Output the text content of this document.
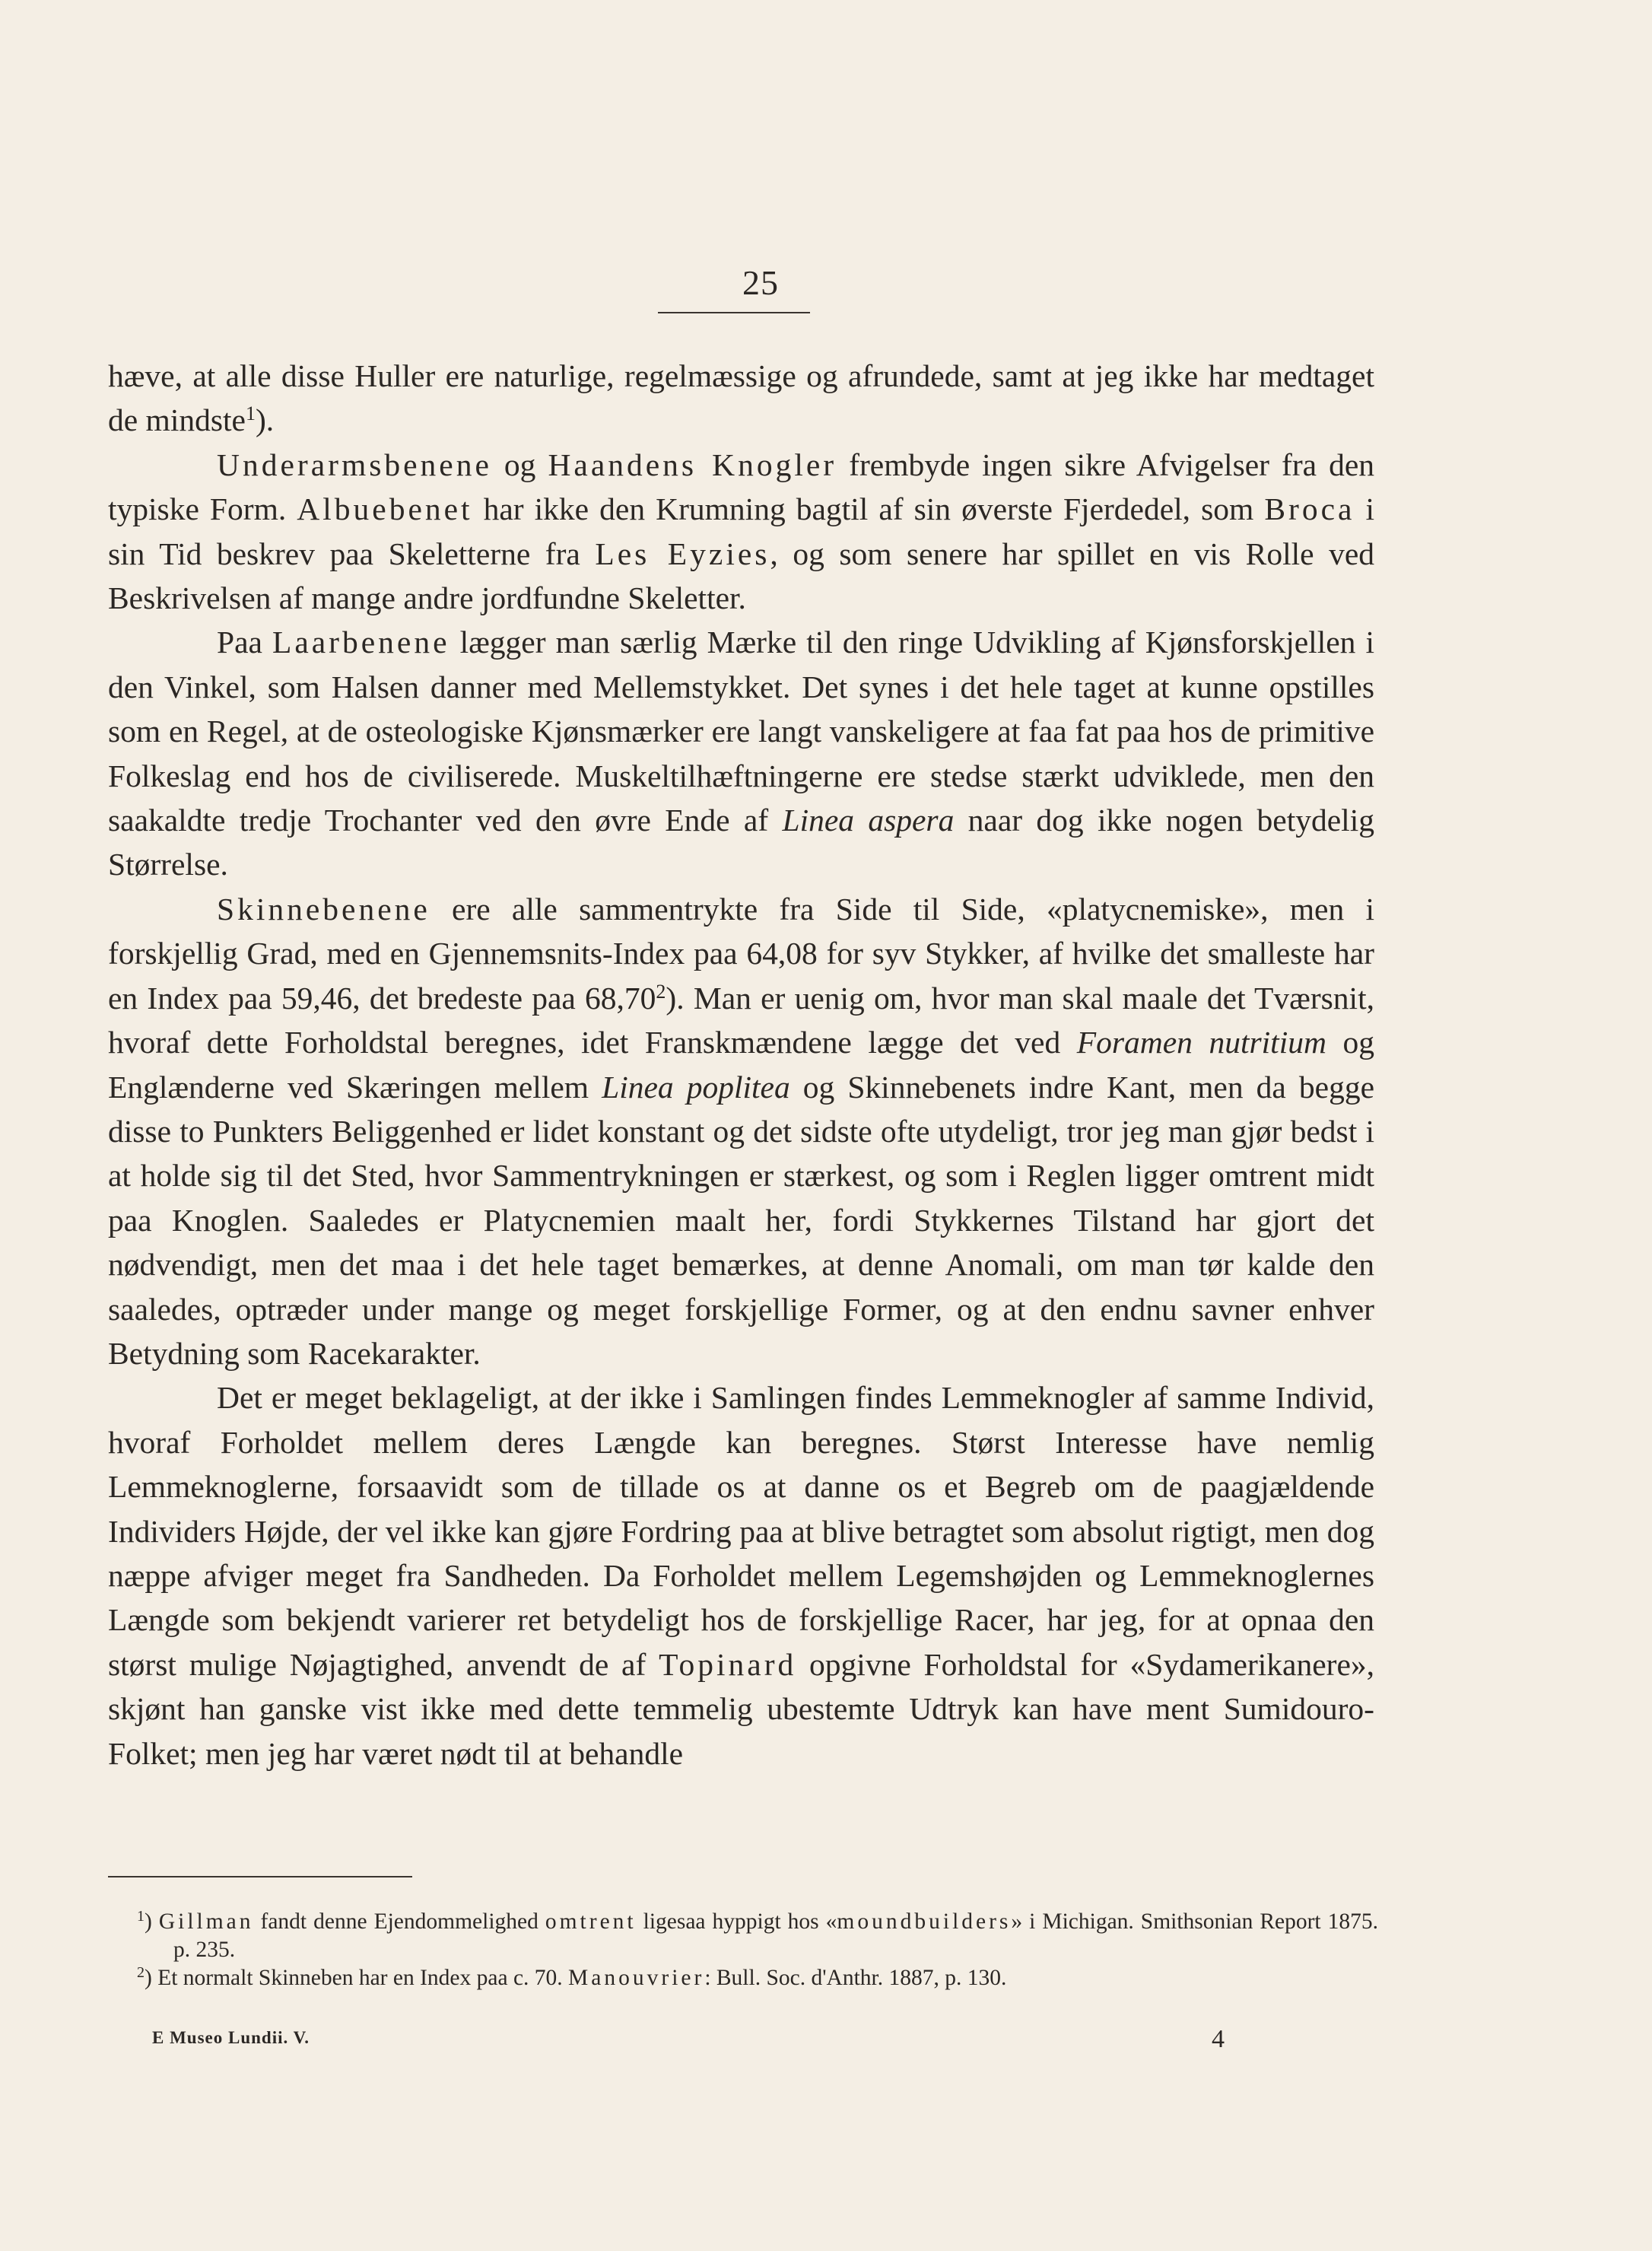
25

hæve, at alle disse Huller ere naturlige, regelmæssige og afrundede, samt at jeg ikke har medtaget de mindste$^1$).

Underarmsbenene og Haandens Knogler frembyde ingen sikre Afvigelser fra den typiske Form. Albuebenet har ikke den Krumning bagtil af sin øverste Fjerdedel, som Broca i sin Tid beskrev paa Skeletterne fra Les Eyzies, og som senere har spillet en vis Rolle ved Beskrivelsen af mange andre jordfundne Skeletter.

Paa Laarbenene lægger man særlig Mærke til den ringe Udvikling af Kjønsforskjellen i den Vinkel, som Halsen danner med Mellemstykket. Det synes i det hele taget at kunne opstilles som en Regel, at de osteologiske Kjønsmærker ere langt vanskeligere at faa fat paa hos de primitive Folkeslag end hos de civiliserede. Muskeltilhæftningerne ere stedse stærkt udviklede, men den saakaldte tredje Trochanter ved den øvre Ende af Linea aspera naar dog ikke nogen betydelig Størrelse.

Skinnebenene ere alle sammentrykte fra Side til Side, «platycnemiske», men i forskjellig Grad, med en Gjennemsnits-Index paa 64,08 for syv Stykker, af hvilke det smalleste har en Index paa 59,46, det bredeste paa 68,70$^2$). Man er uenig om, hvor man skal maale det Tværsnit, hvoraf dette Forholdstal beregnes, idet Franskmændene lægge det ved Foramen nutritium og Englænderne ved Skæringen mellem Linea poplitea og Skinnebenets indre Kant, men da begge disse to Punkters Beliggenhed er lidet konstant og det sidste ofte utydeligt, tror jeg man gjør bedst i at holde sig til det Sted, hvor Sammentrykningen er stærkest, og som i Reglen ligger omtrent midt paa Knoglen. Saaledes er Platycnemien maalt her, fordi Stykkernes Tilstand har gjort det nødvendigt, men det maa i det hele taget bemærkes, at denne Anomali, om man tør kalde den saaledes, optræder under mange og meget forskjellige Former, og at den endnu savner enhver Betydning som Racekarakter.

Det er meget beklageligt, at der ikke i Samlingen findes Lemmeknogler af samme Individ, hvoraf Forholdet mellem deres Længde kan beregnes. Størst Interesse have nemlig Lemmeknoglerne, forsaavidt som de tillade os at danne os et Begreb om de paagjældende Individers Højde, der vel ikke kan gjøre Fordring paa at blive betragtet som absolut rigtigt, men dog næppe afviger meget fra Sandheden. Da Forholdet mellem Legemshøjden og Lemmeknoglernes Længde som bekjendt varierer ret betydeligt hos de forskjellige Racer, har jeg, for at opnaa den størst mulige Nøjagtighed, anvendt de af Topinard opgivne Forholdstal for «Sydamerikanere», skjønt han ganske vist ikke med dette temmelig ubestemte Udtryk kan have ment Sumidouro-Folket; men jeg har været nødt til at behandle

$^1$) Gillman fandt denne Ejendommelighed omtrent ligesaa hyppigt hos «moundbuilders» i Michigan. Smithsonian Report 1875. p. 235.

$^2$) Et normalt Skinneben har en Index paa c. 70. Manouvrier: Bull. Soc. d'Anthr. 1887, p. 130.

E Museo Lundii. V.	4
